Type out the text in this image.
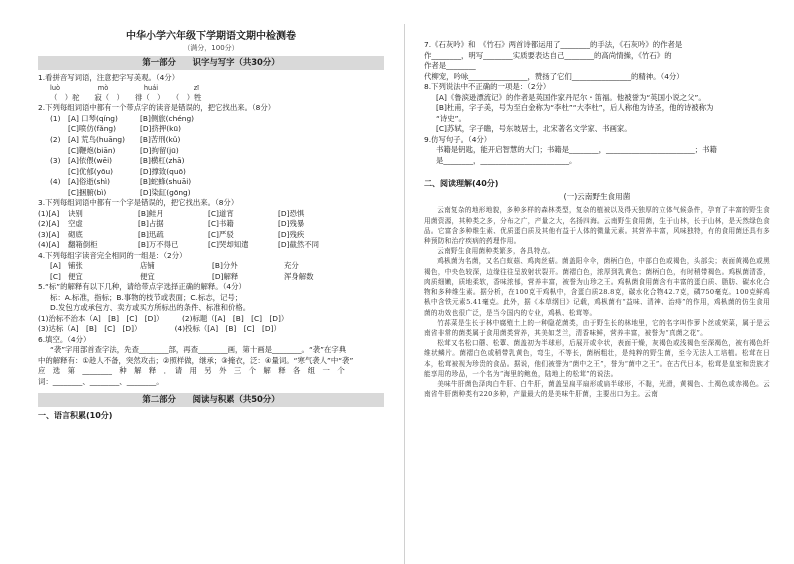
中华小学六年级下学期语文期中检测卷
（满分，100分）
第一部分　　识字与写字（共30分）
1.看拼音写词语，注意把字写美观。（4分）
luò                  mò                 huái                 zī
（　）驼　　寂（　）　　徘（　）　　（　）牲
2.下列每组词语中都有一个带点字的读音是错误的，把它找出来。（8分）
(1)	[A] 口琴(qíng)	[B]侧旅(chéng)
[C]喷仿(fǎng)	[D]挤押(kū)
(2)	[A] 荒鸟(huāng)	[B]苦刑(kǔ)
[C]鞭炮(biān)	[D]拘留(jū)
(3)	[A]依偎(wēi)	[B]横杠(zhā)
[C]优郁(yōu)	[D]撑致(quō)
(4)	[A]俗逝(shì)	[B]蛇蜂(shuāi)
[C]捆腑(bì)	[D]染缸(gōng)
3.下列每组词语中都有一个字是错误的，把它找出来。（8分）
(1)[A]	诀别	[B]鲑月	[C]道宵	[D]恐惧
(2)[A]	空虚	[B]占据	[C]书籍	[D]残暴
(3)[A]	砌底	[B]迅疏	[C]严驳	[D]残疾
(4)[A]	翻箱倒柜	[B]万不得已	[C]哭却知遣	[D]截然不同
4.下列每组字读音完全相同的一组是：（2分）
[A] 铺张	店铺	[B]分外	充分
[C] 便宜	便宜	[D]解释	浑身解数
5.“标”的解释有以下几种，请给带点字选择正确的解释。（4分）
标：A.标准，指标；B.事物的枝节或表面；C.标志，记号；
D.发包方或承包方、卖方或买方所标出的条件、标准和价格。
(1)治标不治本（A]　[B]　[C]　[D]）　　　(2)标题（[A]　[B]　[C]　[D]）
(3)达标（A]　[B]　[C]　[D]）　　　　　(4)投标（[A]　[B]　[C]　[D]）
6.填空。（4分）
“袭”字用部首查字法，先查________部，再查________画，第十画是________。“袭”在字典
中的解释有：①趁人不备，突然攻击；②照样做，继承；③掩衣，泛：④量词。“寒气袭人”中“袭”
应　选　第　________　种　解　释　．　请　用　另　外　三　个　解　释　各　组　一　个
词：________、________、________。
第二部分　　阅读与积累（共50分）
一、语言积累(10分)
7.《石灰吟》和　《竹石》两首诗都运用了________的手法，《石灰吟》的作者是
作________，明写________实质要表达自己________的高尚情操，《竹石》的
作者是________
代柳宠，吟咏________________，赞扬了它们________________的精神。（4分）
8.下列说法中不正确的一项是：（2分）
[A]《鲁滨逊漂流记》的作者是英国作家丹尼尔・笛福。他被誉为“英国小说之父”。
[B]杜甫，字子美，号为至白金称为“李杜”“大李杜”，后人称他为诗圣，他的诗被称为
“诗史”。
[C]苏轼，字子瞻，号东坡居士，北宋著名文学家、书画家。
9.仿写句子。（4分）
书籍是钥匙，能开启智慧的大门；书籍是________，________________________；书籍
是________，________________________。
二、阅读理解(40分)
(一)云南野生食用菌
云南复杂的地形地貌，多种多样的森林类型，复杂的植被以及得天独厚的立体气候条件，孕育了丰富的野生食用菌资源，其种类之多，分布之广，产量之大，名扬四海。云南野生食用菌，生于山林，长于山林，是天然绿色食品。它富含多种维生素、优质蛋白质及其他有益于人体的微量元素。其营养丰富，风味独特，有的食用菌还具有多种预防和治疗疾病的药理作用。
云南野生食用菌种类繁多，各具特点。
鸡枞菌为名菌，又名白蚁菇、鸡肉丝菇。菌盖阳伞伞，菌柄白色，中部白色或褐色，头部尖；表面黄褐色或黑褐色，中央色较深，边缘往往呈放射状裂开。菌褶白色，浓厚到乳黄色；菌柄白色，有时稍带褐色。鸡枞菌清香，肉质细嫩，质地柔软，香味浓郁，营养丰富，被誉为山珍之王。鸡枞菌食用菌含有丰富的蛋白质、脂肪、碳水化合物和多种维生素。据分析，在100克干鸡枞中，含蛋白质28.8克，碳水化合物42.7克，磷750毫克。100克鲜鸡枞中含铁元素5.41毫克。此外，据《本草纲目》记载，鸡枞菌有“益味、清神、治痔”的作用，鸡枞菌的仿生食用菌的功效也很广泛，是当今国内的专业，鸡枞、松茸等。
竹荪菜是生长于林中腐殖土上的一种隐花菌类，由于野生长的林地里，它的名字叫作萝卜丝或荣菜，属于是云南省非常的菌类属于食用菌类营养，其美如芝兰，清香味鲜，营养丰富，被誉为“真菌之花”。
松茸又名松口蘑、松蕈、菌盖初为半球形，后展开或伞状，表面干燥，灰褐色或浅褐色至深褐色，被有褐色纤维状鳞片。菌褶白色或稍带乳黄色，弯生，不等长，菌柄粗壮，是纯粹的野生菌，至今无法人工培植。松茸在日本，松茸被视为珍贵的食品。据说，他们被誉为“菌中之王”，誉为“菌中之王”。在古代日本，松茸是皇室和贵族才能享用的珍品，一个名为“海里的鲍鱼，陆地上的松茸”的说法。
美味牛肝菌色泽肉白牛肝、白牛肝，菌盖呈扁平扇形或扁半球形，不黏，光滑，黄褐色、土褐色或赤褐色。云南省牛肝菌种类有220多种，产量最大的是美味牛肝菌，主要出口为主。云南
